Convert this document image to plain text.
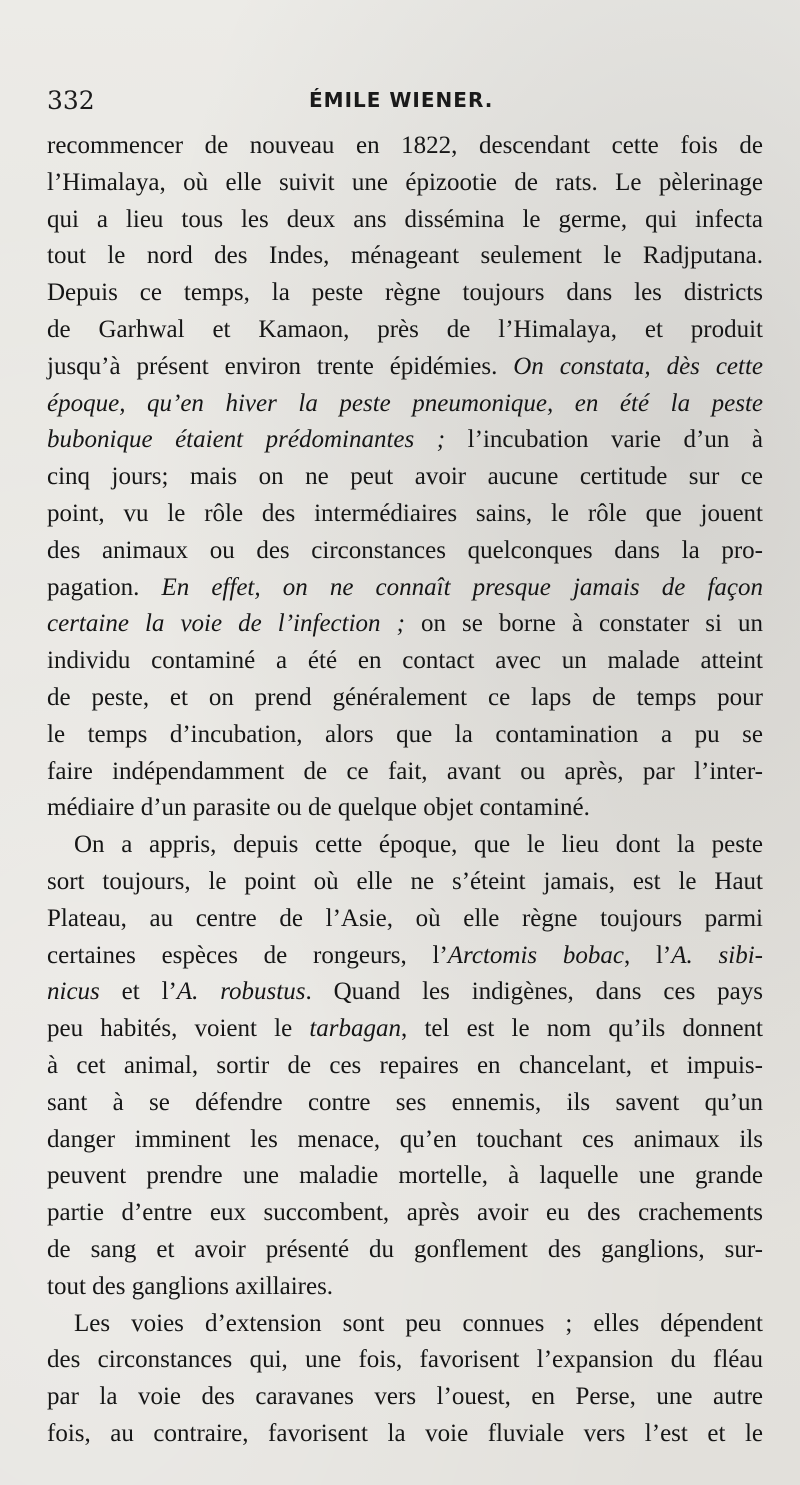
332	ÉMILE WIENER.
recommencer de nouveau en 1822, descendant cette fois de
l’Himalaya, où elle suivit une épizootie de rats. Le pèlerinage
qui a lieu tous les deux ans dissémina le germe, qui infecta
tout le nord des Indes, ménageant seulement le Radjputana.
Depuis ce temps, la peste règne toujours dans les districts
de Garhwal et Kamaon, près de l’Himalaya, et produit
jusqu’à présent environ trente épidémies. On constata, dès cette
époque, qu’en hiver la peste pneumonique, en été la peste
bubonique étaient prédominantes ; l’incubation varie d’un à
cinq jours; mais on ne peut avoir aucune certitude sur ce
point, vu le rôle des intermédiaires sains, le rôle que jouent
des animaux ou des circonstances quelconques dans la pro-
pagation. En effet, on ne connaît presque jamais de façon
certaine la voie de l’infection ; on se borne à constater si un
individu contaminé a été en contact avec un malade atteint
de peste, et on prend généralement ce laps de temps pour
le temps d’incubation, alors que la contamination a pu se
faire indépendamment de ce fait, avant ou après, par l’inter-
médiaire d’un parasite ou de quelque objet contaminé.
On a appris, depuis cette époque, que le lieu dont la peste
sort toujours, le point où elle ne s’éteint jamais, est le Haut
Plateau, au centre de l’Asie, où elle règne toujours parmi
certaines espèces de rongeurs, l’Arctomis bobac, l’A. sibi-
nicus et l’A. robustus. Quand les indigènes, dans ces pays
peu habités, voient le tarbagan, tel est le nom qu’ils donnent
à cet animal, sortir de ces repaires en chancelant, et impuis-
sant à se défendre contre ses ennemis, ils savent qu’un
danger imminent les menace, qu’en touchant ces animaux ils
peuvent prendre une maladie mortelle, à laquelle une grande
partie d’entre eux succombent, après avoir eu des crachements
de sang et avoir présenté du gonflement des ganglions, sur-
tout des ganglions axillaires.
Les voies d’extension sont peu connues ; elles dépendent
des circonstances qui, une fois, favorisent l’expansion du fléau
par la voie des caravanes vers l’ouest, en Perse, une autre
fois, au contraire, favorisent la voie fluviale vers l’est et le
